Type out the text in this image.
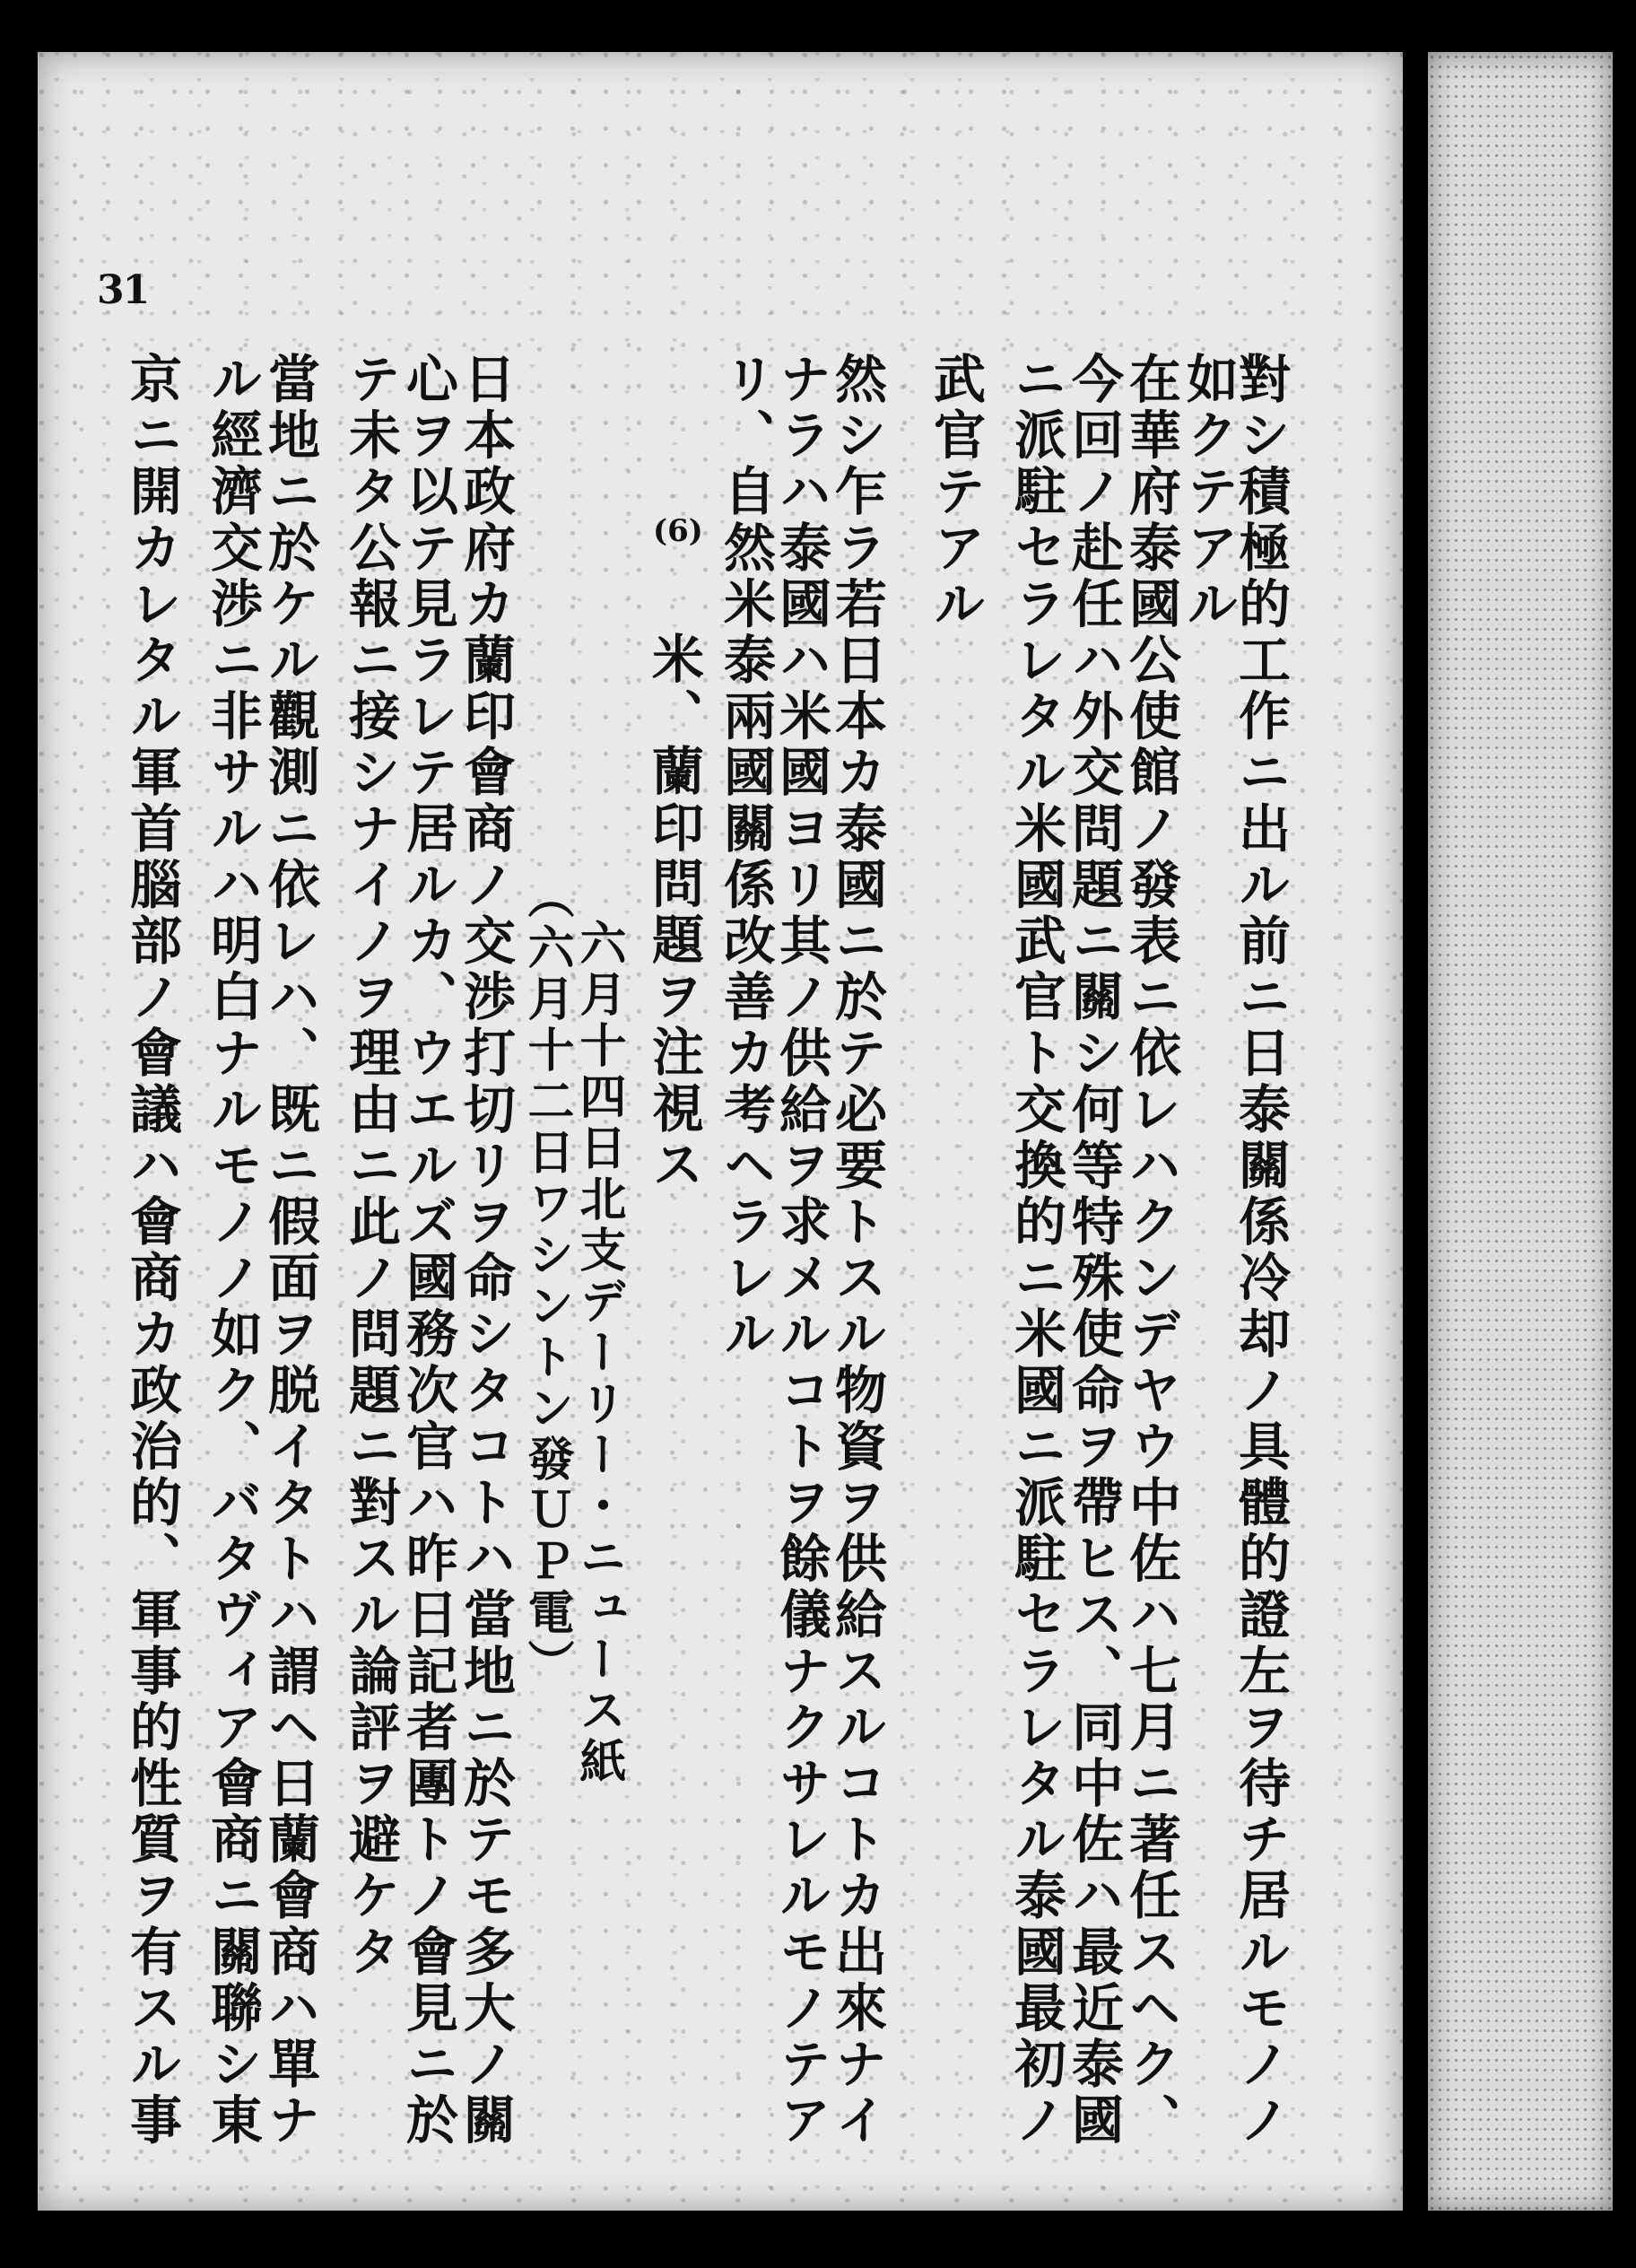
31
對シ積極的工作ニ出ル前ニ日泰關係冷却ノ具體的證左ヲ待チ居ルモノノ
如クテアル
在華府泰國公使館ノ發表ニ依レハクンデヤウ中佐ハ七月ニ著任スヘク、
今回ノ赴任ハ外交問題ニ關シ何等特殊使命ヲ帶ヒス、同中佐ハ最近泰國
ニ派駐セラレタル米國武官ト交換的ニ米國ニ派駐セラレタル泰國最初ノ
武官テアル
然シ乍ラ若日本カ泰國ニ於テ必要トスル物資ヲ供給スルコトカ出來ナイ
ナラハ泰國ハ米國ヨリ其ノ供給ヲ求メルコトヲ餘儀ナクサレルモノテア
リ、自然米泰兩國關係改善カ考ヘラレル
(6)
米、蘭印問題ヲ注視ス
六月十四日北支デーリー・ニュース紙
（六月十二日ワシントン發ＵＰ電）
日本政府カ蘭印會商ノ交渉打切リヲ命シタコトハ當地ニ於テモ多大ノ關
心ヲ以テ見ラレテ居ルカ、ウエルズ國務次官ハ昨日記者團トノ會見ニ於
テ未タ公報ニ接シナイノヲ理由ニ此ノ問題ニ對スル論評ヲ避ケタ
當地ニ於ケル觀測ニ依レハ、既ニ假面ヲ脱イタトハ謂ヘ日蘭會商ハ單ナ
ル經濟交渉ニ非サルハ明白ナルモノノ如ク、バタヴィア會商ニ關聯シ東
京ニ開カレタル軍首腦部ノ會議ハ會商カ政治的、軍事的性質ヲ有スル事
